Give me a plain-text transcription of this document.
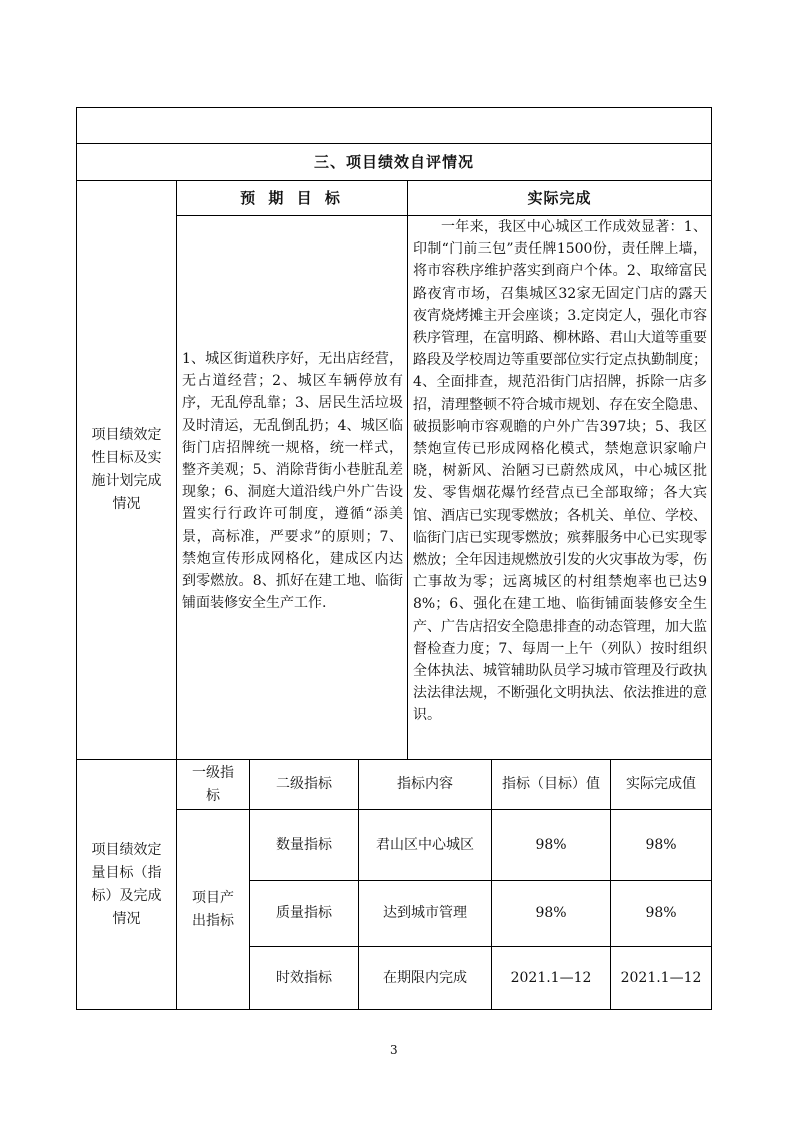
三、项目绩效自评情况
项目绩效定性目标及实施计划完成情况
预 期 目 标	实际完成
1、城区街道秩序好，无出店经营，无占道经营；2、城区车辆停放有序，无乱停乱靠；3、居民生活垃圾及时清运，无乱倒乱扔；4、城区临街门店招牌统一规格，统一样式，整齐美观；5、消除背街小巷脏乱差现象；6、洞庭大道沿线户外广告设置实行行政许可制度，遵循“添美景，高标准，严要求”的原则；7、禁炮宣传形成网格化，建成区内达到零燃放。8、抓好在建工地、临街铺面装修安全生产工作.
一年来，我区中心城区工作成效显著：1、印制“门前三包”责任牌1500份，责任牌上墙，将市容秩序维护落实到商户个体。2、取缔富民路夜宵市场，召集城区32家无固定门店的露天夜宵烧烤摊主开会座谈；3.定岗定人，强化市容秩序管理，在富明路、柳林路、君山大道等重要路段及学校周边等重要部位实行定点执勤制度；4、全面排查，规范沿街门店招牌，拆除一店多招，清理整顿不符合城市规划、存在安全隐患、破损影响市容观瞻的户外广告397块；5、我区禁炮宣传已形成网格化模式，禁炮意识家喻户晓，树新风、治陋习已蔚然成风，中心城区批发、零售烟花爆竹经营点已全部取缔；各大宾馆、酒店已实现零燃放；各机关、单位、学校、临街门店已实现零燃放；殡葬服务中心已实现零燃放；全年因违规燃放引发的火灾事故为零，伤亡事故为零；远离城区的村组禁炮率也已达98%；6、强化在建工地、临街铺面装修安全生产、广告店招安全隐患排查的动态管理，加大监督检查力度；7、每周一上午（列队）按时组织全体执法、城管辅助队员学习城市管理及行政执法法律法规，不断强化文明执法、依法推进的意识。
项目绩效定量目标（指标）及完成情况
一级指标
二级指标	指标内容	指标（目标）值	实际完成值
项目产出指标
数量指标	君山区中心城区	98%	98%
质量指标	达到城市管理	98%	98%
时效指标	在期限内完成	2021.1—12	2021.1—12
3
